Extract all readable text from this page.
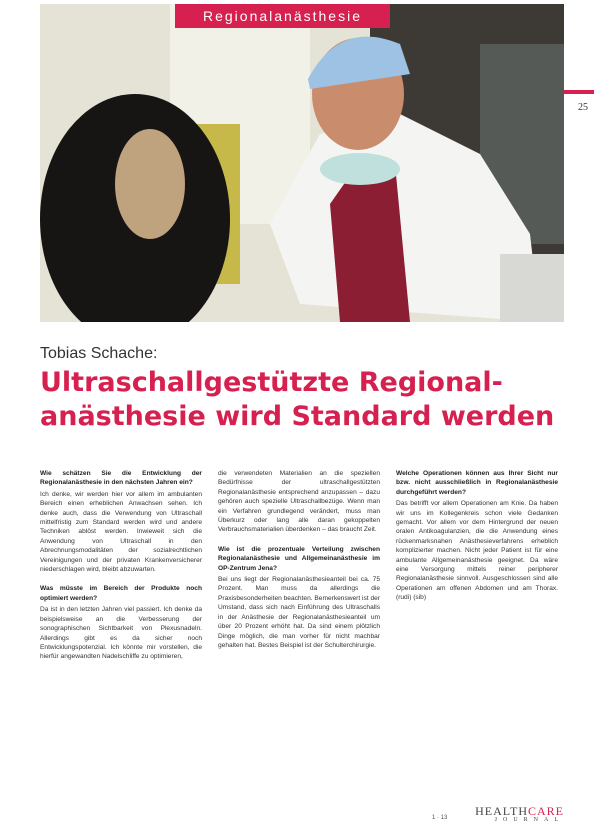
Regionalanästhesie
25
Tobias Schache:
Ultraschallgestützte Regional-
anästhesie wird Standard werden

Wie schätzen Sie die Entwicklung der Regionalanästhesie in den nächsten Jahren ein?

Ich denke, wir werden hier vor allem im ambulanten Bereich einen erheblichen Anwachsen sehen. Ich denke auch, dass die Verwendung von Ultraschall mittelfristig zum Standard werden wird und andere Techniken ablöst werden. Inwieweit sich die Anwendung von Ultraschall in den Abrechnungsmodalitäten der sozialrechtlichen Vereinigungen und der privaten Krankenversicherer niederschlagen wird, bleibt abzuwarten.

Was müsste im Bereich der Produkte noch optimiert werden?

Da ist in den letzten Jahren viel passiert. Ich denke da beispielsweise an die Verbesserung der sonographischen Sichtbarkeit von Plexusnadeln. Allerdings gibt es da sicher noch Entwicklungspotenzial. Ich könnte mir vorstellen, die hierfür angewandten Nadelschliffe zu optimieren,

die verwendeten Materialien an die speziellen Bedürfnisse der ultraschallgestützten Regionalanästhesie entsprechend anzupassen – dazu gehören auch spezielle Ultraschallbezüge. Wenn man ein Verfahren grundlegend verändert, muss man Überkurz oder lang alle daran gekoppelten Verbrauchsmaterialien überdenken – das braucht Zeit.

Wie ist die prozentuale Verteilung zwischen Regionalanästhesie und Allgemeinanästhesie im OP-Zentrum Jena?

Bei uns liegt der Regionalanästhesieanteil bei ca. 75 Prozent. Man muss da allerdings die Praxisbesonderheiten beachten. Bemerkenswert ist der Umstand, dass sich nach Einführung des Ultraschalls in der Anästhesie der Regionalanästhesieanteil um über 20 Prozent erhöht hat. Da sind einem plötzlich Dinge möglich, die man vorher für nicht machbar gehalten hat. Bestes Beispiel ist der Schulterchirurgie.

Welche Operationen können aus Ihrer Sicht nur bzw. nicht ausschließlich in Regionalanästhesie durchgeführt werden?

Das betrifft vor allem Operationen am Knie. Da haben wir uns im Kollegenkreis schon viele Gedanken gemacht. Vor allem vor dem Hintergrund der neuen oralen Antikoagulanzien, die die Anwendung eines rückenmarksnahen Anästhesieverfahrens erheblich komplizierter machen. Nicht jeder Patient ist für eine ambulante Allgemeinanästhesie geeignet. Da wäre eine Versorgung mittels reiner peripherer Regionalanästhesie sinnvoll. Ausgeschlossen sind alle Operationen am offenen Abdomen und am Thorax. (rudi) (sib)

1 · 13 HEALTHCARE
JOURNAL
